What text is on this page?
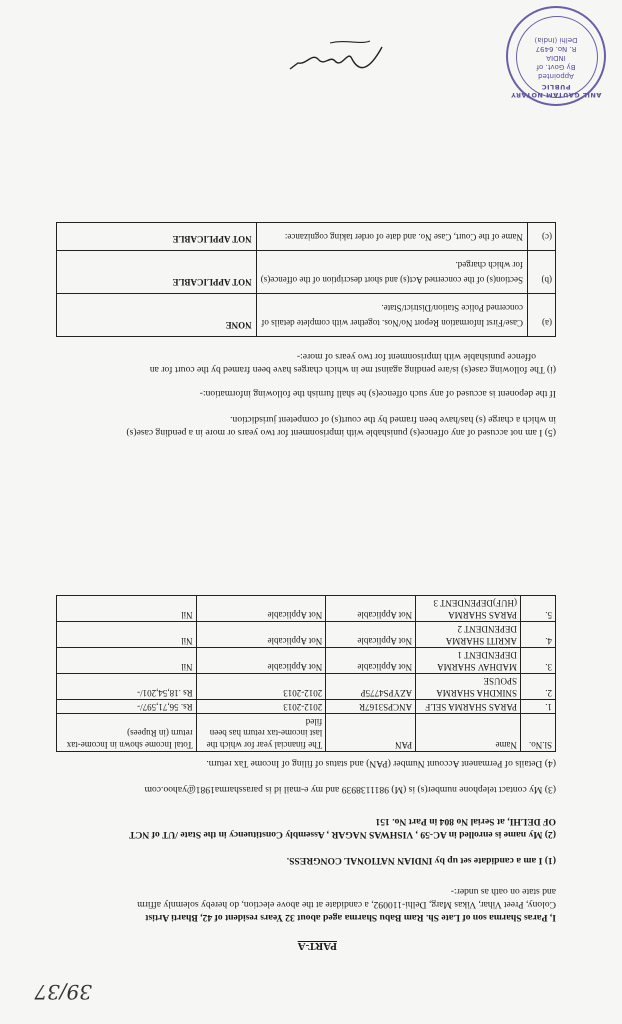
39/37
PART-A
I, Paras Sharma son of Late Sh. Ram Babu Sharma aged about 32 Years resident of 42, Bharti Artist
Colony, Preet Vihar, Vikas Marg, Delhi-110092, a candidate at the above election, do hereby solemnly affirm
and state on oath as under:-
(1) I am a candidate set up by INDIAN NATIONAL CONGRESS.
(2) My name is enrolled in AC-59 , VISHWAS NAGAR , Assembly Constituency in the State /UT of NCT
OF DELHI, at Serial No 804 in Part No. 151
(3) My contact telephone number(s) is (M) 9811138939 and my e-mail id is parassharma1981@yahoo.com
(4) Details of Permanent Account Number (PAN) and status of filing of Income Tax return.
Sl.No.	Name	PAN	The financial year for which the last income-tax return has been filed	Total Income shown in Income-tax return (in Rupees)
1.	PARAS SHARMA SELF	ANCPS3167R	2012-2013	Rs. 56,71,597/-
2.	SNIKDHA SHARMA SPOUSE	AZYPS4775P	2012-2013	Rs .18,54,201/-
3.	MADHAV SHARMA DEPENDENT 1	Not Applicable	Not Applicable	Nil
4.	AKRITI SHARMA DEPENDENT 2	Not Applicable	Not Applicable	Nil
5.	PARAS SHARMA (HUF)DEPENDENT 3	Not Applicable	Not Applicable	Nil
(5) I am not accused of any offence(s) punishable with imprisonment for two years or more in a pending case(s)
in which a charge (s) has/have been framed by the court(s) of competent jurisdiction.
If the deponent is accused of any such offence(s) he shall furnish the following information:-
(i) The following case(s) is/are pending against me in which charges have been framed by the court for an
offence punishable with imprisonment for two years of more:-
(a)	Case/First Information Report No/Nos. together with complete details of concerned Police Station/District/State.	NONE
(b)	Section(s) of the concerned Act(s) and short description of the offence(s) for which charged.	NOT APPLICABLE
(c)	Name of the Court, Case No. and date of order taking cognizance:	NOT APPLICABLE
ANIL GAUTAM NOTARY PUBLIC
Appointed
By Govt. of
INDIA
R. No. 6497
Delhi (India)
